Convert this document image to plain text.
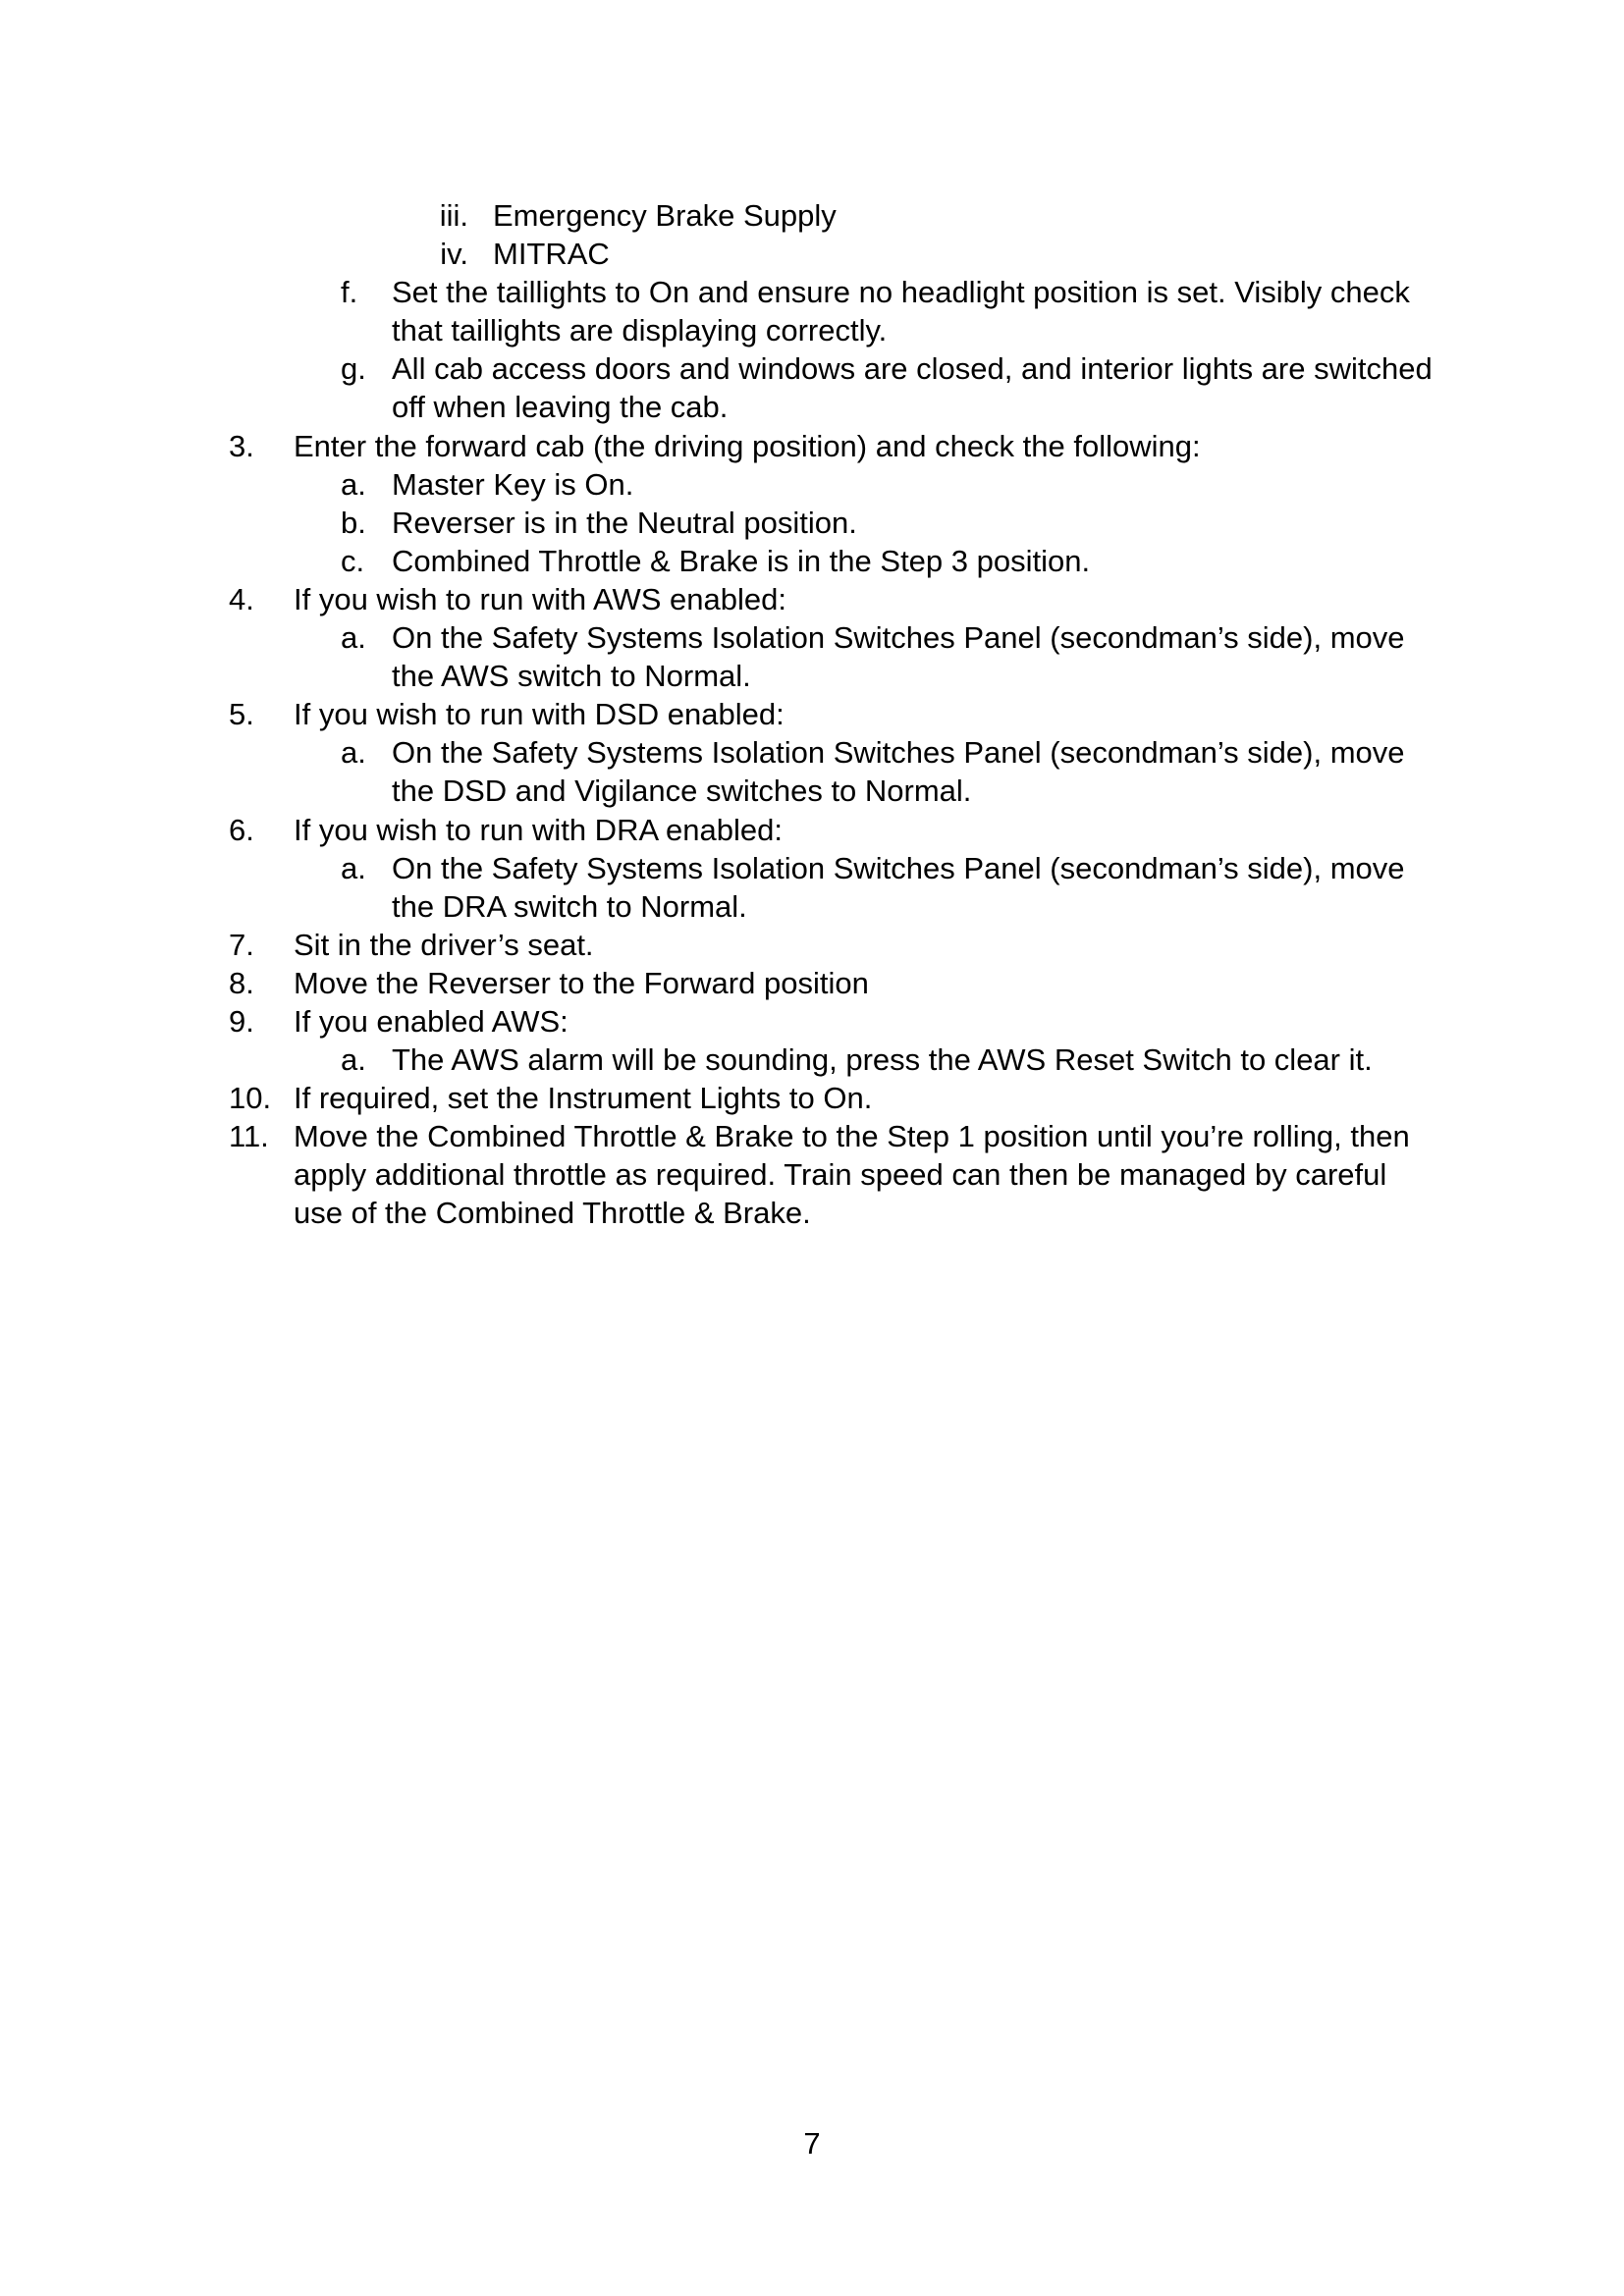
iii. Emergency Brake Supply
iv. MITRAC
f. Set the taillights to On and ensure no headlight position is set. Visibly check
that taillights are displaying correctly.
g. All cab access doors and windows are closed, and interior lights are switched
off when leaving the cab.
3. Enter the forward cab (the driving position) and check the following:
a. Master Key is On.
b. Reverser is in the Neutral position.
c. Combined Throttle & Brake is in the Step 3 position.
4. If you wish to run with AWS enabled:
a. On the Safety Systems Isolation Switches Panel (secondman’s side), move
the AWS switch to Normal.
5. If you wish to run with DSD enabled:
a. On the Safety Systems Isolation Switches Panel (secondman’s side), move
the DSD and Vigilance switches to Normal.
6. If you wish to run with DRA enabled:
a. On the Safety Systems Isolation Switches Panel (secondman’s side), move
the DRA switch to Normal.
7. Sit in the driver’s seat.
8. Move the Reverser to the Forward position
9. If you enabled AWS:
a. The AWS alarm will be sounding, press the AWS Reset Switch to clear it.
10. If required, set the Instrument Lights to On.
11. Move the Combined Throttle & Brake to the Step 1 position until you’re rolling, then
apply additional throttle as required. Train speed can then be managed by careful
use of the Combined Throttle & Brake.
7
